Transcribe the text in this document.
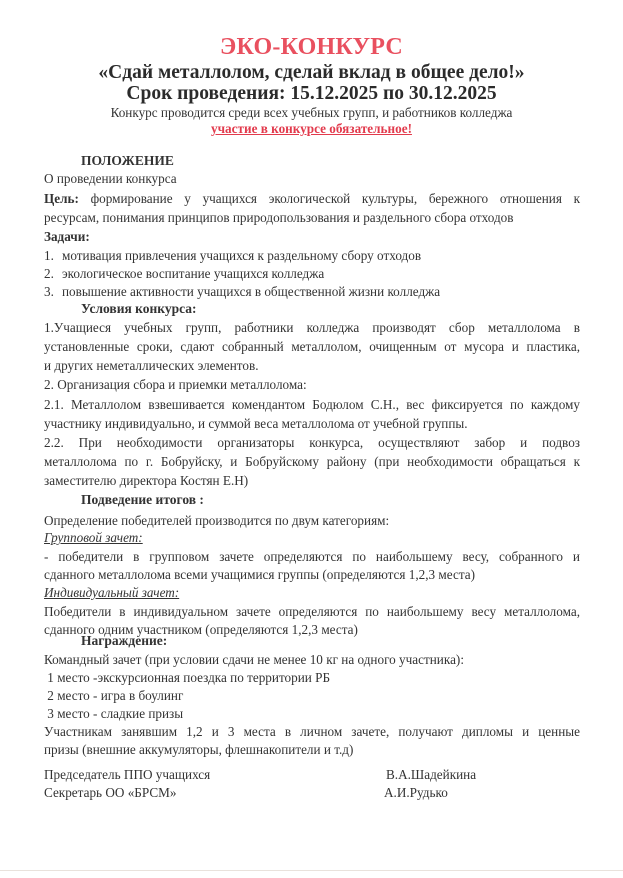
ЭКО-КОНКУРС
«Сдай металлолом, сделай вклад в общее дело!»
Срок проведения: 15.12.2025 по 30.12.2025
Конкурс проводится среди всех учебных групп, и работников колледжа
участие в конкурсе обязательное!
ПОЛОЖЕНИЕ
О проведении конкурса
Цель: формирование у учащихся экологической культуры, бережного отношения к
ресурсам, понимания принципов природопользования и раздельного сбора отходов
Задачи:
1. мотивация привлечения учащихся к раздельному сбору отходов
2. экологическое воспитание учащихся колледжа
3. повышение активности учащихся в общественной жизни колледжа
Условия конкурса:
1.Учащиеся учебных групп, работники колледжа производят сбор металлолома в
установленные сроки, сдают собранный металлолом, очищенным от мусора и пластика,
и других неметаллических элементов.
2. Организация сбора и приемки металлолома:
2.1. Металлолом взвешивается комендантом Бодюлом С.Н., вес фиксируется по каждому
участнику индивидуально, и суммой веса металлолома от учебной группы.
2.2. При необходимости организаторы конкурса, осуществляют забор и подвоз
металлолома по г. Бобруйску, и Бобруйскому району (при необходимости обращаться к
заместителю директора Костян Е.Н)
Подведение итогов :
Определение победителей производится по двум категориям:
Групповой зачет:
- победители в групповом зачете определяются по наибольшему весу, собранного и
сданного металлолома всеми учащимися группы (определяются 1,2,3 места)
Индивидуальный зачет:
Победители в индивидуальном зачете определяются по наибольшему весу металлолома,
сданного одним участником (определяются 1,2,3 места)
Награждение:
Командный зачет (при условии сдачи не менее 10 кг на одного участника):
1 место -экскурсионная поездка по территории РБ
2 место - игра в боулинг
3 место - сладкие призы
Участникам занявшим 1,2 и 3 места в личном зачете, получают дипломы и ценные
призы (внешние аккумуляторы, флешнакопители и т.д)
Председатель ППО учащихся	В.А.Шадейкина
Секретарь ОО «БРСМ»	А.И.Рудько
